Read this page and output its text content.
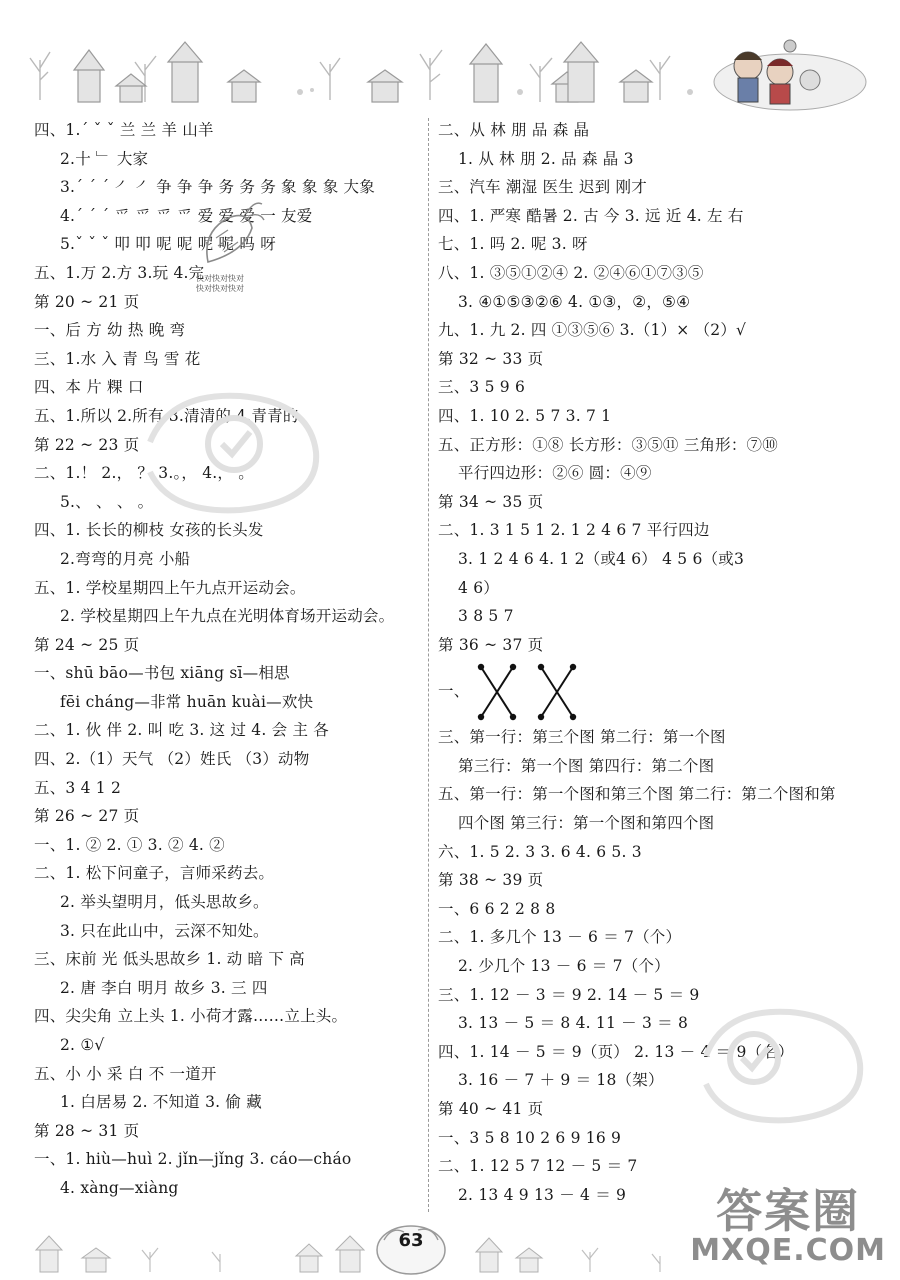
四、1.´ ˇ ˇ 兰 兰 羊 山羊
2.十 ﹂ 大家
3.ˊ ˊ ˊ ㇒ ㇒ 争 争 争 务 务 务 象 象 象 大象
4.ˊ ˊ ˊ 爫 爫 爫 爫 爱 爱 爱 一 友爱
5.ˇ ˇ ˇ 叩 叩 呢 呢 呢 呢 吗 呀
五、1.万 2.方 3.玩 4.完
第 20 ~ 21 页
一、后 方 幼 热 晚 弯
三、1.水 入 青 鸟 雪 花
四、本 片 粿 口
五、1.所以 2.所有 3.清清的 4.青青的
第 22 ~ 23 页
二、1.！ 2.， ？ 3.。， 4.， 。
5.、 、 、 。
四、1. 长长的柳枝 女孩的长头发
2.弯弯的月亮 小船
五、1. 学校星期四上午九点开运动会。
2. 学校星期四上午九点在光明体育场开运动会。
第 24 ~ 25 页
一、shū bāo—书包 xiāng sī—相思
fēi cháng—非常 huān kuài—欢快
二、1. 伙 伴 2. 叫 吃 3. 这 过 4. 会 主 各
四、2.（1）天气 （2）姓氏 （3）动物
五、3 4 1 2
第 26 ~ 27 页
一、1. ② 2. ① 3. ② 4. ②
二、1. 松下问童子，言师采药去。
2. 举头望明月，低头思故乡。
3. 只在此山中，云深不知处。
三、床前 光 低头思故乡 1. 动 暗 下 高
2. 唐 李白 明月 故乡 3. 三 四
四、尖尖角 立上头 1. 小荷才露……立上头。
2. ①√
五、小 小 采 白 不 一道开
1. 白居易 2. 不知道 3. 偷 藏
第 28 ~ 31 页
一、1. hiù—huì 2. jǐn—jǐng 3. cáo—cháo
4. xàng—xiàng
二、从 林 朋 品 森 晶
1. 从 林 朋 2. 品 森 晶 3
三、汽车 潮湿 医生 迟到 刚才
四、1. 严寒 酷暑 2. 古 今 3. 远 近 4. 左 右
七、1. 吗 2. 呢 3. 呀
八、1. ③⑤①②④ 2. ②④⑥①⑦③⑤
3. ④①⑤③②⑥ 4. ①③，②，⑤④
九、1. 九 2. 四 ①③⑤⑥ 3.（1）× （2）√
第 32 ~ 33 页
三、3 5 9 6
四、1. 10 2. 5 7 3. 7 1
五、正方形：①⑧ 长方形：③⑤⑪ 三角形：⑦⑩
平行四边形：②⑥ 圆：④⑨
第 34 ~ 35 页
二、1. 3 1 5 1 2. 1 2 4 6 7 平行四边
3. 1 2 4 6 4. 1 2（或4 6） 4 5 6（或3
4 6）
3 8 5 7
第 36 ~ 37 页
一、
三、第一行：第三个图 第二行：第一个图
第三行：第一个图 第四行：第二个图
五、第一行：第一个图和第三个图 第二行：第二个图和第
四个图 第三行：第一个图和第四个图
六、1. 5 2. 3 3. 6 4. 6 5. 3
第 38 ~ 39 页
一、6 6 2 2 8 8
二、1. 多几个 13 － 6 ＝ 7（个）
2. 少几个 13 － 6 ＝ 7（个）
三、1. 12 － 3 ＝ 9 2. 14 － 5 ＝ 9
3. 13 － 5 ＝ 8 4. 11 － 3 ＝ 8
四、1. 14 － 5 ＝ 9（页） 2. 13 － 4 ＝ 9（名）
3. 16 － 7 ＋ 9 ＝ 18（架）
第 40 ~ 41 页
一、3 5 8 10 2 6 9 16 9
二、1. 12 5 7 12 － 5 ＝ 7
2. 13 4 9 13 － 4 ＝ 9
快对快对快对
快对快对快对
63
答案圈
MXQE.COM
